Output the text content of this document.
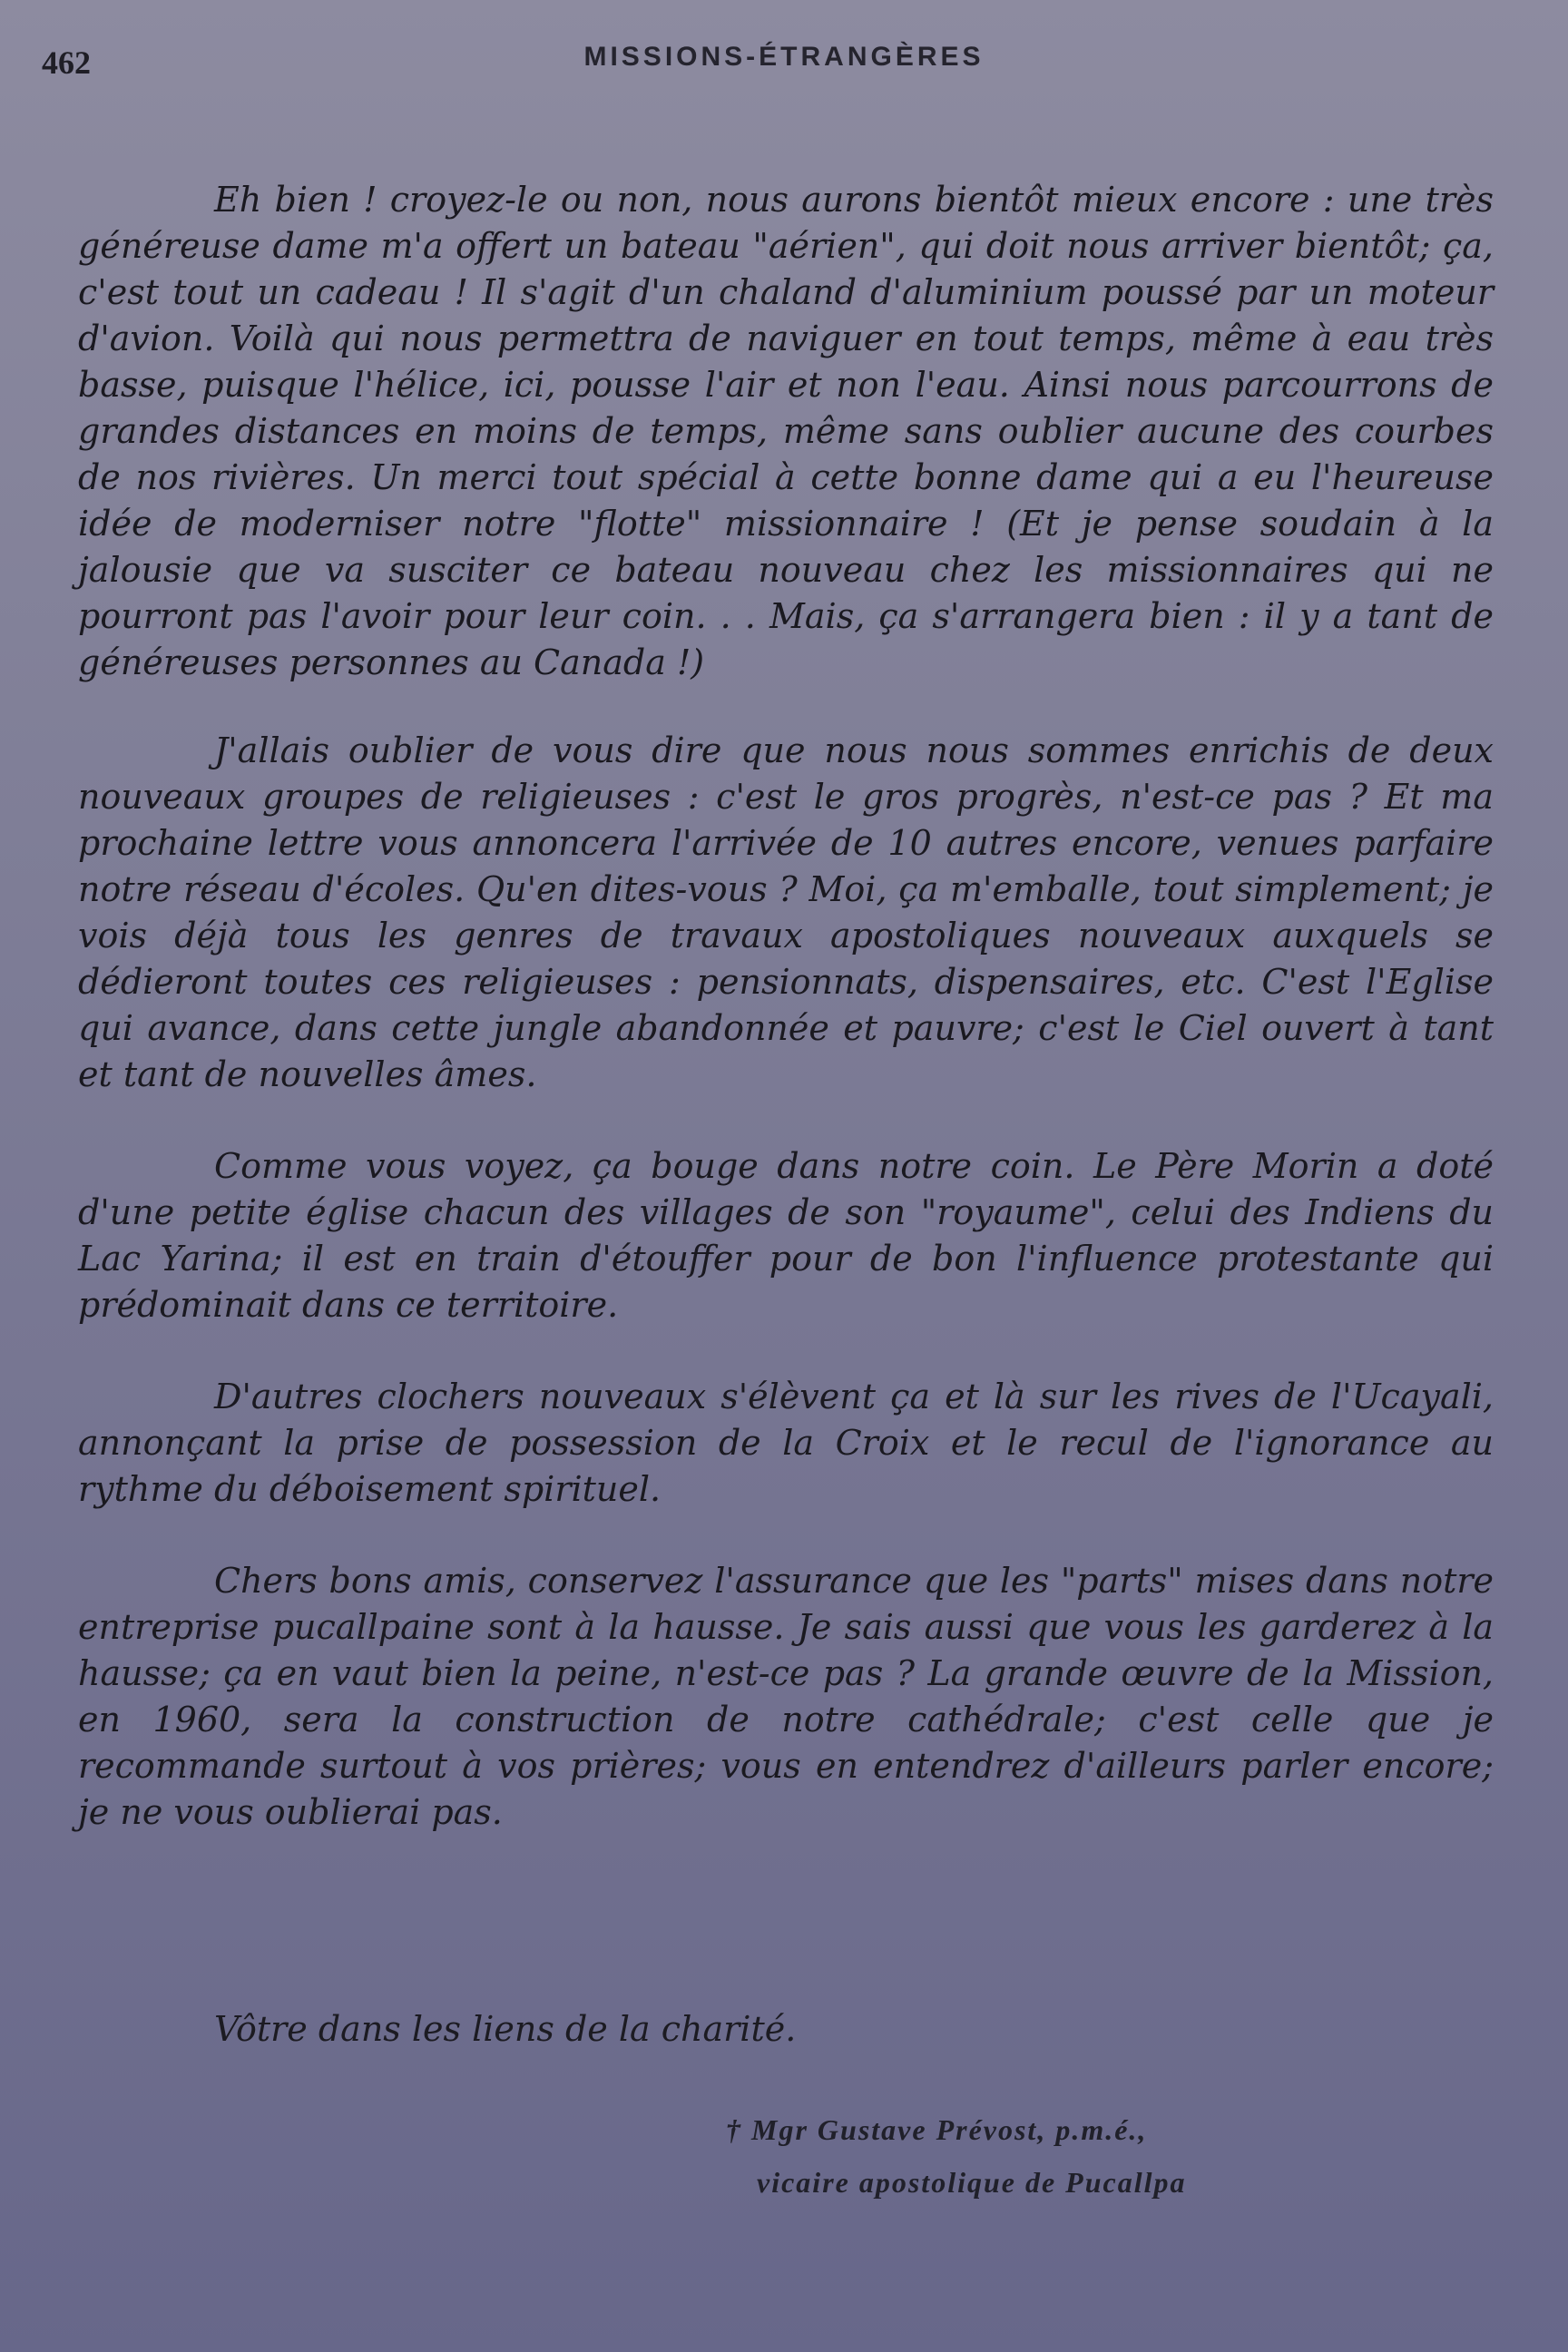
462	MISSIONS-ÉTRANGÈRES

Eh bien ! croyez-le ou non, nous aurons bientôt mieux encore : une très généreuse dame m'a offert un bateau "aérien", qui doit nous arriver bientôt; ça, c'est tout un cadeau ! Il s'agit d'un chaland d'aluminium poussé par un moteur d'avion. Voilà qui nous permettra de naviguer en tout temps, même à eau très basse, puisque l'hélice, ici, pousse l'air et non l'eau. Ainsi nous parcourrons de grandes distances en moins de temps, même sans oublier aucune des courbes de nos rivières. Un merci tout spécial à cette bonne dame qui a eu l'heureuse idée de moderniser notre "flotte" missionnaire ! (Et je pense soudain à la jalousie que va susciter ce bateau nouveau chez les missionnaires qui ne pourront pas l'avoir pour leur coin. . . Mais, ça s'arrangera bien : il y a tant de généreuses personnes au Canada !)

J'allais oublier de vous dire que nous nous sommes enrichis de deux nouveaux groupes de religieuses : c'est le gros progrès, n'est-ce pas ? Et ma prochaine lettre vous annoncera l'arrivée de 10 autres encore, venues parfaire notre réseau d'écoles. Qu'en dites-vous ? Moi, ça m'emballe, tout simplement; je vois déjà tous les genres de travaux apostoliques nouveaux auxquels se dédieront toutes ces religieuses : pensionnats, dispensaires, etc. C'est l'Eglise qui avance, dans cette jungle abandonnée et pauvre; c'est le Ciel ouvert à tant et tant de nouvelles âmes.

Comme vous voyez, ça bouge dans notre coin. Le Père Morin a doté d'une petite église chacun des villages de son "royaume", celui des Indiens du Lac Yarina; il est en train d'étouffer pour de bon l'influence protestante qui prédominait dans ce territoire.

D'autres clochers nouveaux s'élèvent ça et là sur les rives de l'Ucayali, annonçant la prise de possession de la Croix et le recul de l'ignorance au rythme du déboisement spirituel.

Chers bons amis, conservez l'assurance que les "parts" mises dans notre entreprise pucallpaine sont à la hausse. Je sais aussi que vous les garderez à la hausse; ça en vaut bien la peine, n'est-ce pas ? La grande œuvre de la Mission, en 1960, sera la construction de notre cathédrale; c'est celle que je recommande surtout à vos prières; vous en entendrez d'ailleurs parler encore; je ne vous oublierai pas.

Vôtre dans les liens de la charité.
† Mgr Gustave Prévost, p.m.é.,
vicaire apostolique de Pucallpa
